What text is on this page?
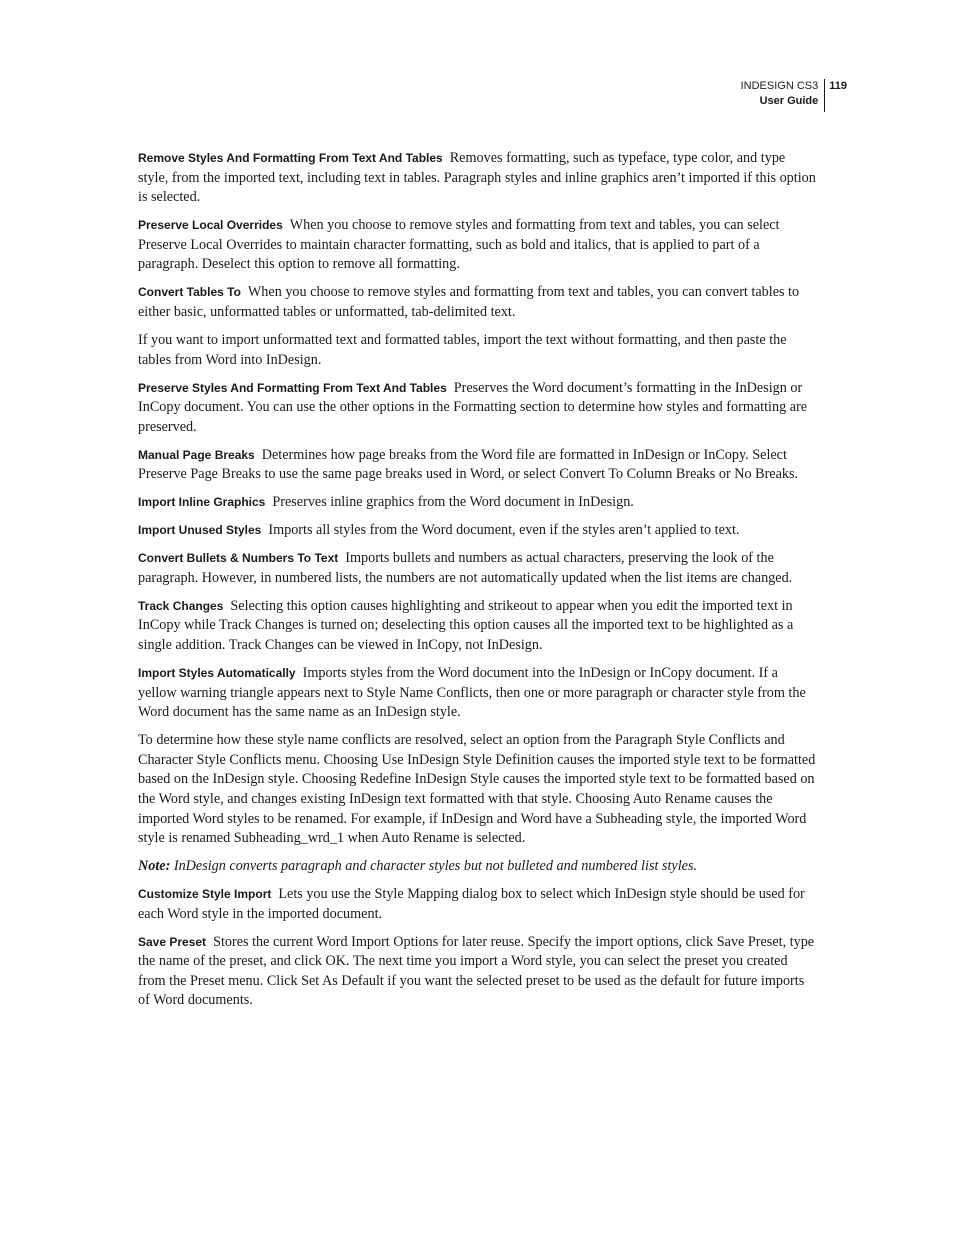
INDESIGN CS3
User Guide
119

Remove Styles And Formatting From Text And Tables Removes formatting, such as typeface, type color, and type style, from the imported text, including text in tables. Paragraph styles and inline graphics aren’t imported if this option is selected.

Preserve Local Overrides When you choose to remove styles and formatting from text and tables, you can select Preserve Local Overrides to maintain character formatting, such as bold and italics, that is applied to part of a paragraph. Deselect this option to remove all formatting.

Convert Tables To When you choose to remove styles and formatting from text and tables, you can convert tables to either basic, unformatted tables or unformatted, tab-delimited text.

If you want to import unformatted text and formatted tables, import the text without formatting, and then paste the tables from Word into InDesign.

Preserve Styles And Formatting From Text And Tables Preserves the Word document’s formatting in the InDesign or InCopy document. You can use the other options in the Formatting section to determine how styles and formatting are preserved.

Manual Page Breaks Determines how page breaks from the Word file are formatted in InDesign or InCopy. Select Preserve Page Breaks to use the same page breaks used in Word, or select Convert To Column Breaks or No Breaks.

Import Inline Graphics Preserves inline graphics from the Word document in InDesign.

Import Unused Styles Imports all styles from the Word document, even if the styles aren’t applied to text.

Convert Bullets & Numbers To Text Imports bullets and numbers as actual characters, preserving the look of the paragraph. However, in numbered lists, the numbers are not automatically updated when the list items are changed.

Track Changes Selecting this option causes highlighting and strikeout to appear when you edit the imported text in InCopy while Track Changes is turned on; deselecting this option causes all the imported text to be highlighted as a single addition. Track Changes can be viewed in InCopy, not InDesign.

Import Styles Automatically Imports styles from the Word document into the InDesign or InCopy document. If a yellow warning triangle appears next to Style Name Conflicts, then one or more paragraph or character style from the Word document has the same name as an InDesign style.

To determine how these style name conflicts are resolved, select an option from the Paragraph Style Conflicts and Character Style Conflicts menu. Choosing Use InDesign Style Definition causes the imported style text to be formatted based on the InDesign style. Choosing Redefine InDesign Style causes the imported style text to be formatted based on the Word style, and changes existing InDesign text formatted with that style. Choosing Auto Rename causes the imported Word styles to be renamed. For example, if InDesign and Word have a Subheading style, the imported Word style is renamed Subheading_wrd_1 when Auto Rename is selected.

Note: InDesign converts paragraph and character styles but not bulleted and numbered list styles.

Customize Style Import Lets you use the Style Mapping dialog box to select which InDesign style should be used for each Word style in the imported document.

Save Preset Stores the current Word Import Options for later reuse. Specify the import options, click Save Preset, type the name of the preset, and click OK. The next time you import a Word style, you can select the preset you created from the Preset menu. Click Set As Default if you want the selected preset to be used as the default for future imports of Word documents.
